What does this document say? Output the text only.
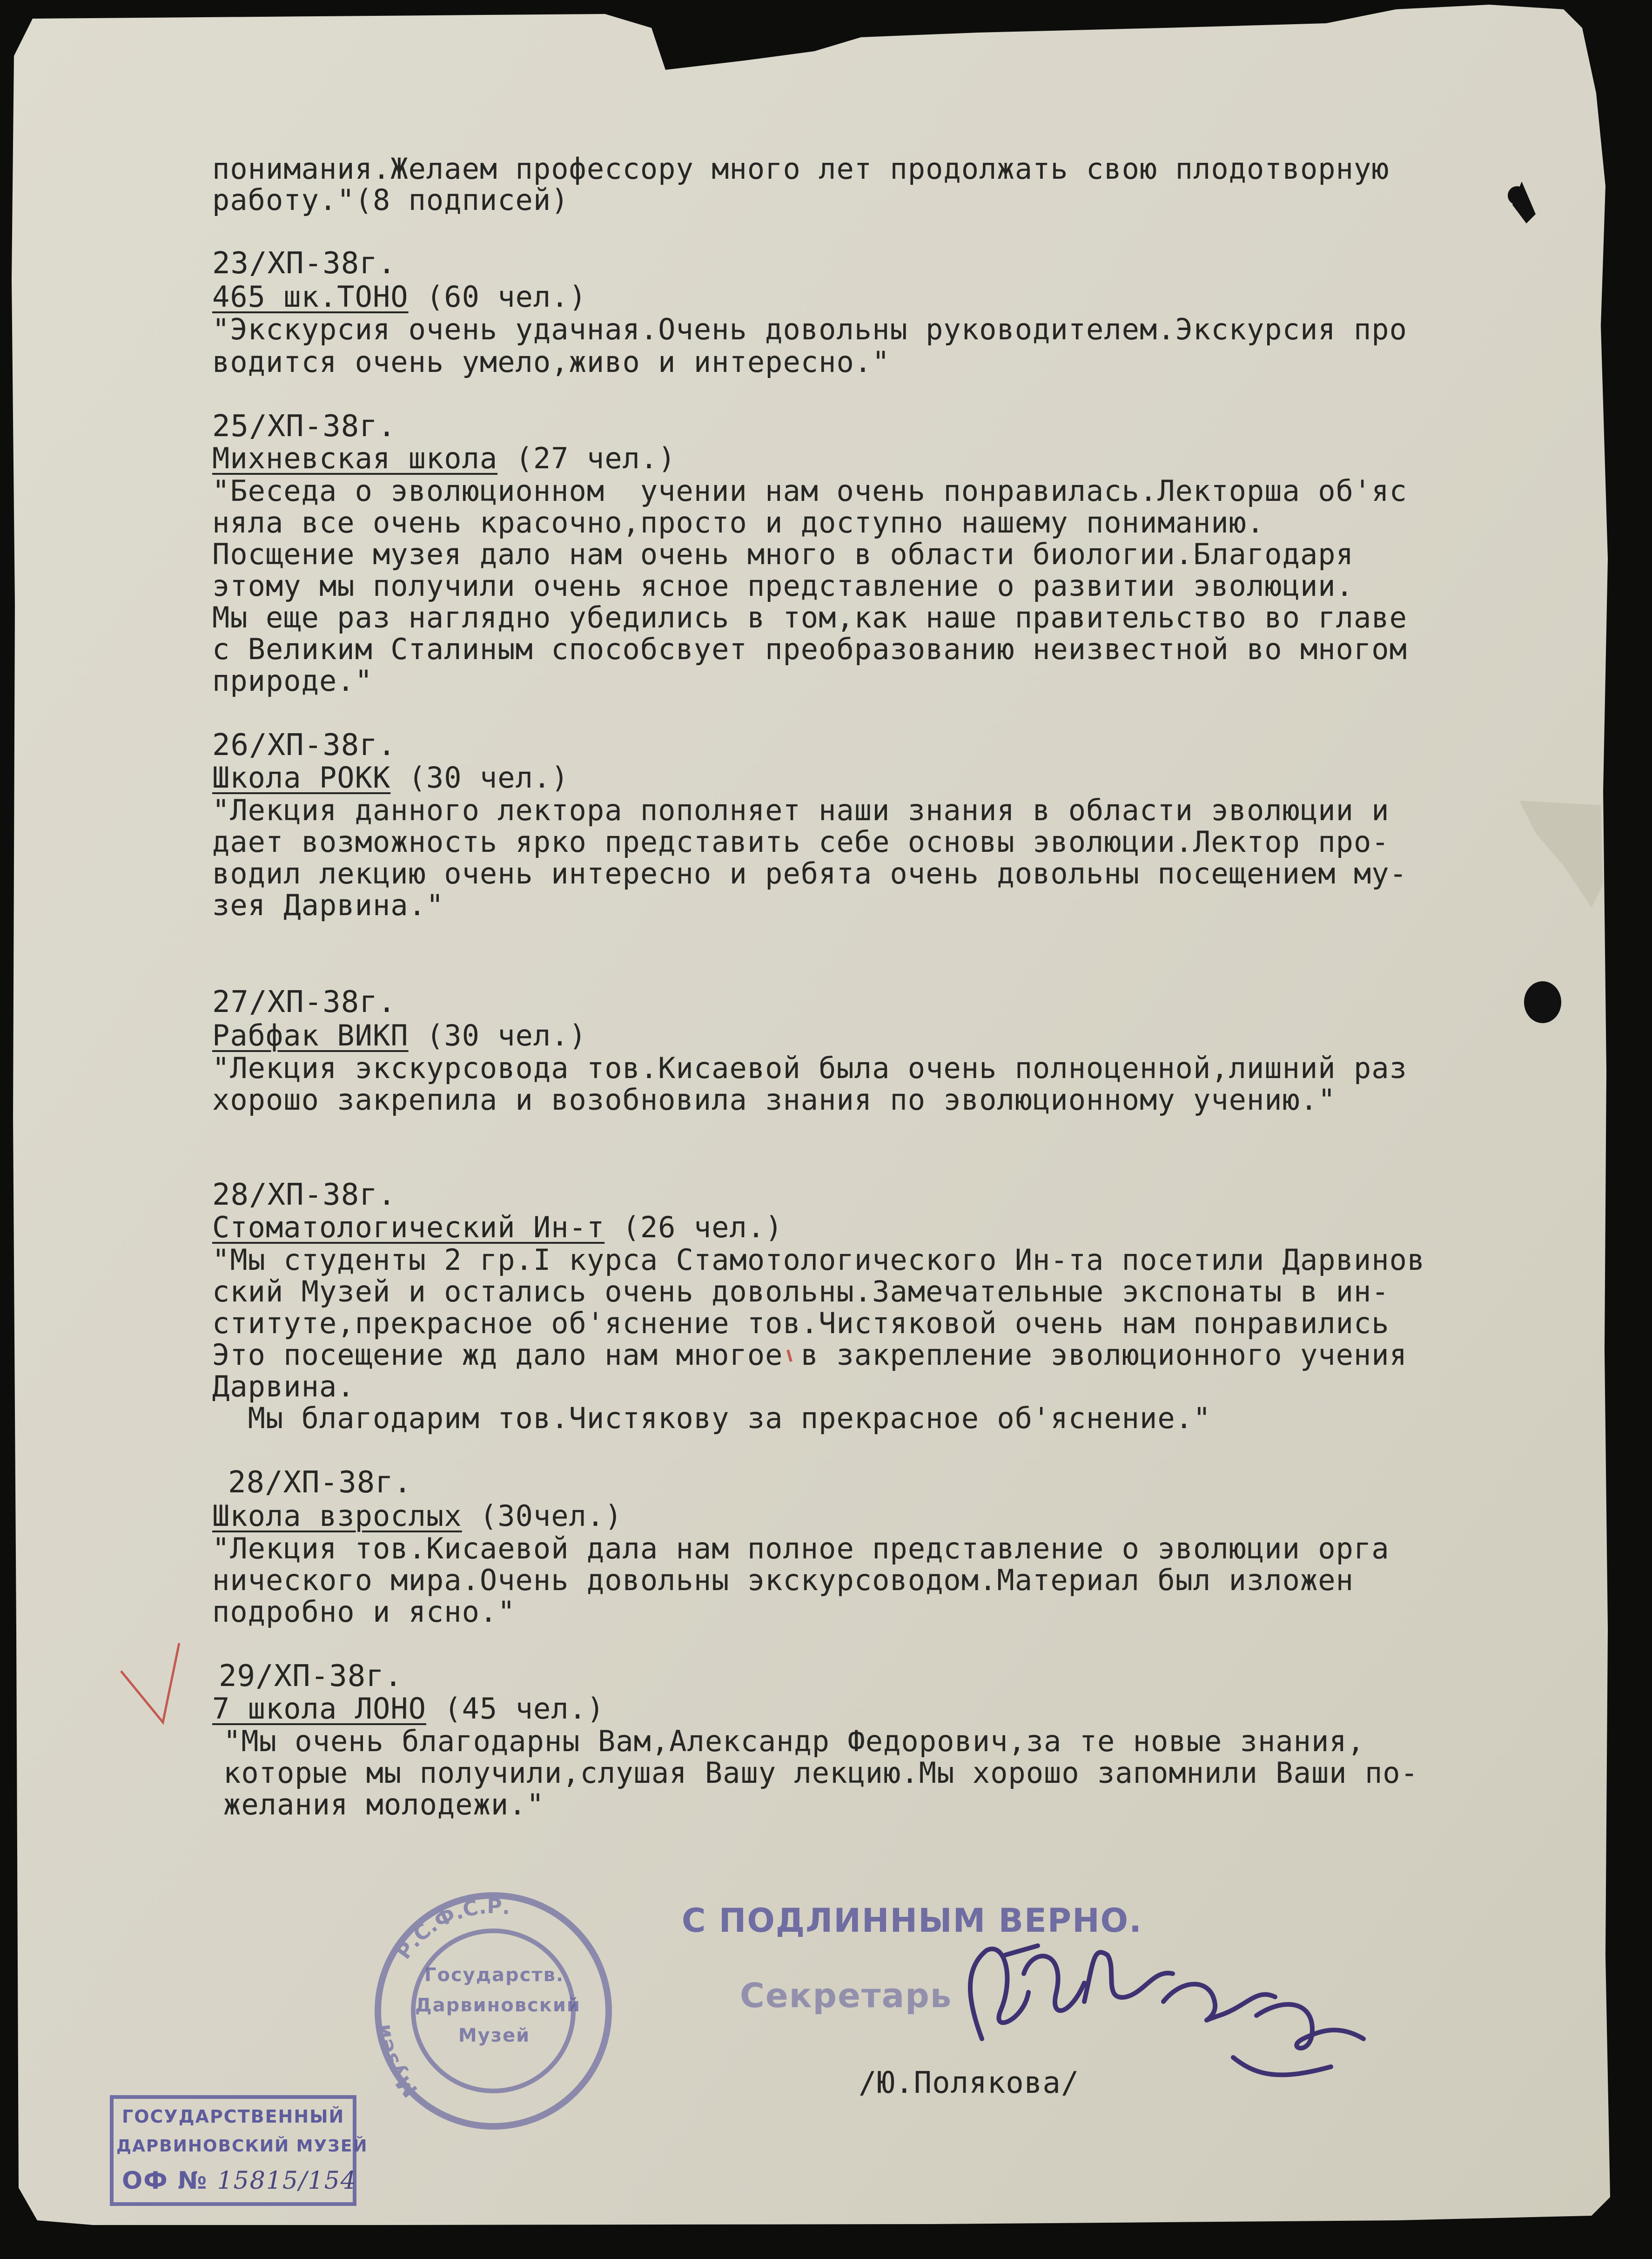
Р.С.Ф.С.Р.
Музеи
понимания.Желаем профессору много лет продолжать свою плодотворную
работу."(8 подписей)
23/ХП-38г.
465 шк.ТОНО (60 чел.)
"Экскурсия очень удачная.Очень довольны руководителем.Экскурсия про
водится очень умело,живо и интересно."
25/ХП-38г.
Михневская школа (27 чел.)
"Беседа о эволюционном  учении нам очень понравилась.Лекторша об'яс
няла все очень красочно,просто и доступно нашему пониманию.
Посщение музея дало нам очень много в области биологии.Благодаря
этому мы получили очень ясное представление о развитии эволюции.
Мы еще раз наглядно убедились в том,как наше правительство во главе
с Великим Сталиным способсвует преобразованию неизвестной во многом
природе."
26/ХП-38г.
Школа РОКК (30 чел.)
"Лекция данного лектора пополняет наши знания в области эволюции и
дает возможность ярко представить себе основы эволюции.Лектор про-
водил лекцию очень интересно и ребята очень довольны посещением му-
зея Дарвина."
27/ХП-38г.
Рабфак ВИКП (30 чел.)
"Лекция экскурсовода тов.Кисаевой была очень полноценной,лишний раз
хорошо закрепила и возобновила знания по эволюционному учению."
28/ХП-38г.
Стоматологический Ин-т (26 чел.)
"Мы студенты 2 гр.I курса Стамотологического Ин-та посетили Дарвинов
ский Музей и остались очень довольны.Замечательные экспонаты в ин-
ституте,прекрасное об'яснение тов.Чистяковой очень нам понравились
Это посещение жд дало нам многое в закрепление эволюционного учения
Дарвина.
Мы благодарим тов.Чистякову за прекрасное об'яснение."
28/ХП-38г.
Школа взрослых (30чел.)
"Лекция тов.Кисаевой дала нам полное представление о эволюции орга
нического мира.Очень довольны экскурсоводом.Материал был изложен
подробно и ясно."
29/ХП-38г.
7 школа ЛОНО (45 чел.)
"Мы очень благодарны Вам,Александр Федорович,за те новые знания,
которые мы получили,слушая Вашу лекцию.Мы хорошо запомнили Ваши по-
желания молодежи."
С ПОДЛИННЫМ ВЕРНО.
Секретарь
/Ю.Полякова/
Государств.
Дарвиновский
Музей
ГОСУДАРСТВЕННЫЙ
ДАРВИНОВСКИЙ МУЗЕЙ
ОФ № 15815/154
